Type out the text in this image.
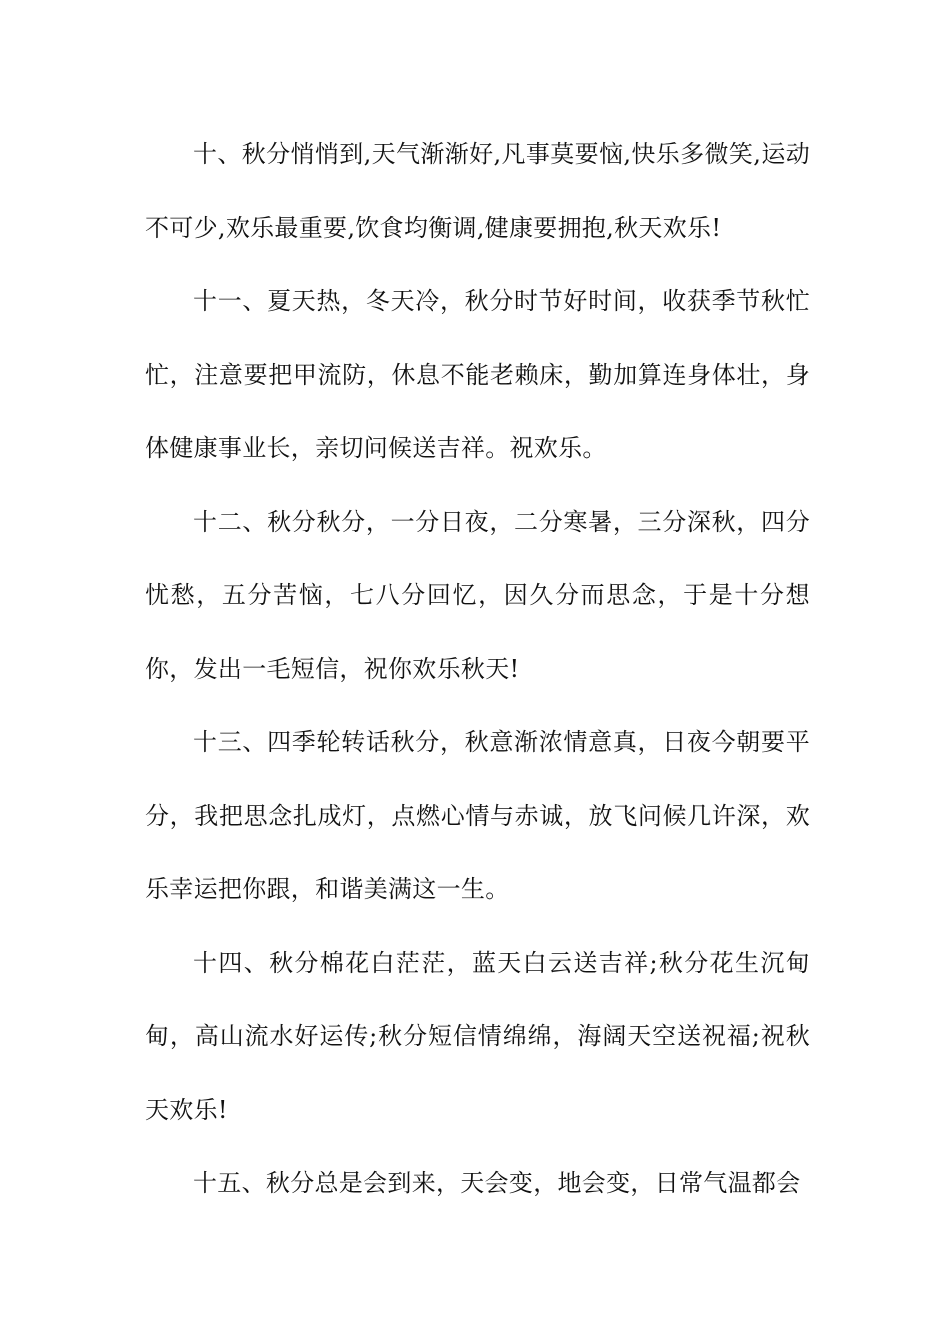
十、秋分悄悄到,天气渐渐好,凡事莫要恼,快乐多微笑,运动不可少,欢乐最重要,饮食均衡调,健康要拥抱,秋天欢乐!

十一、夏天热，冬天冷，秋分时节好时间，收获季节秋忙忙，注意要把甲流防，休息不能老赖床，勤加算连身体壮，身体健康事业长，亲切问候送吉祥。祝欢乐。

十二、秋分秋分，一分日夜，二分寒暑，三分深秋，四分忧愁，五分苦恼，七八分回忆，因久分而思念，于是十分想你，发出一毛短信，祝你欢乐秋天!

十三、四季轮转话秋分，秋意渐浓情意真，日夜今朝要平分，我把思念扎成灯，点燃心情与赤诚，放飞问候几许深，欢乐幸运把你跟，和谐美满这一生。

十四、秋分棉花白茫茫，蓝天白云送吉祥;秋分花生沉甸甸，高山流水好运传;秋分短信情绵绵，海阔天空送祝福;祝秋天欢乐!

十五、秋分总是会到来，天会变，地会变，日常气温都会
